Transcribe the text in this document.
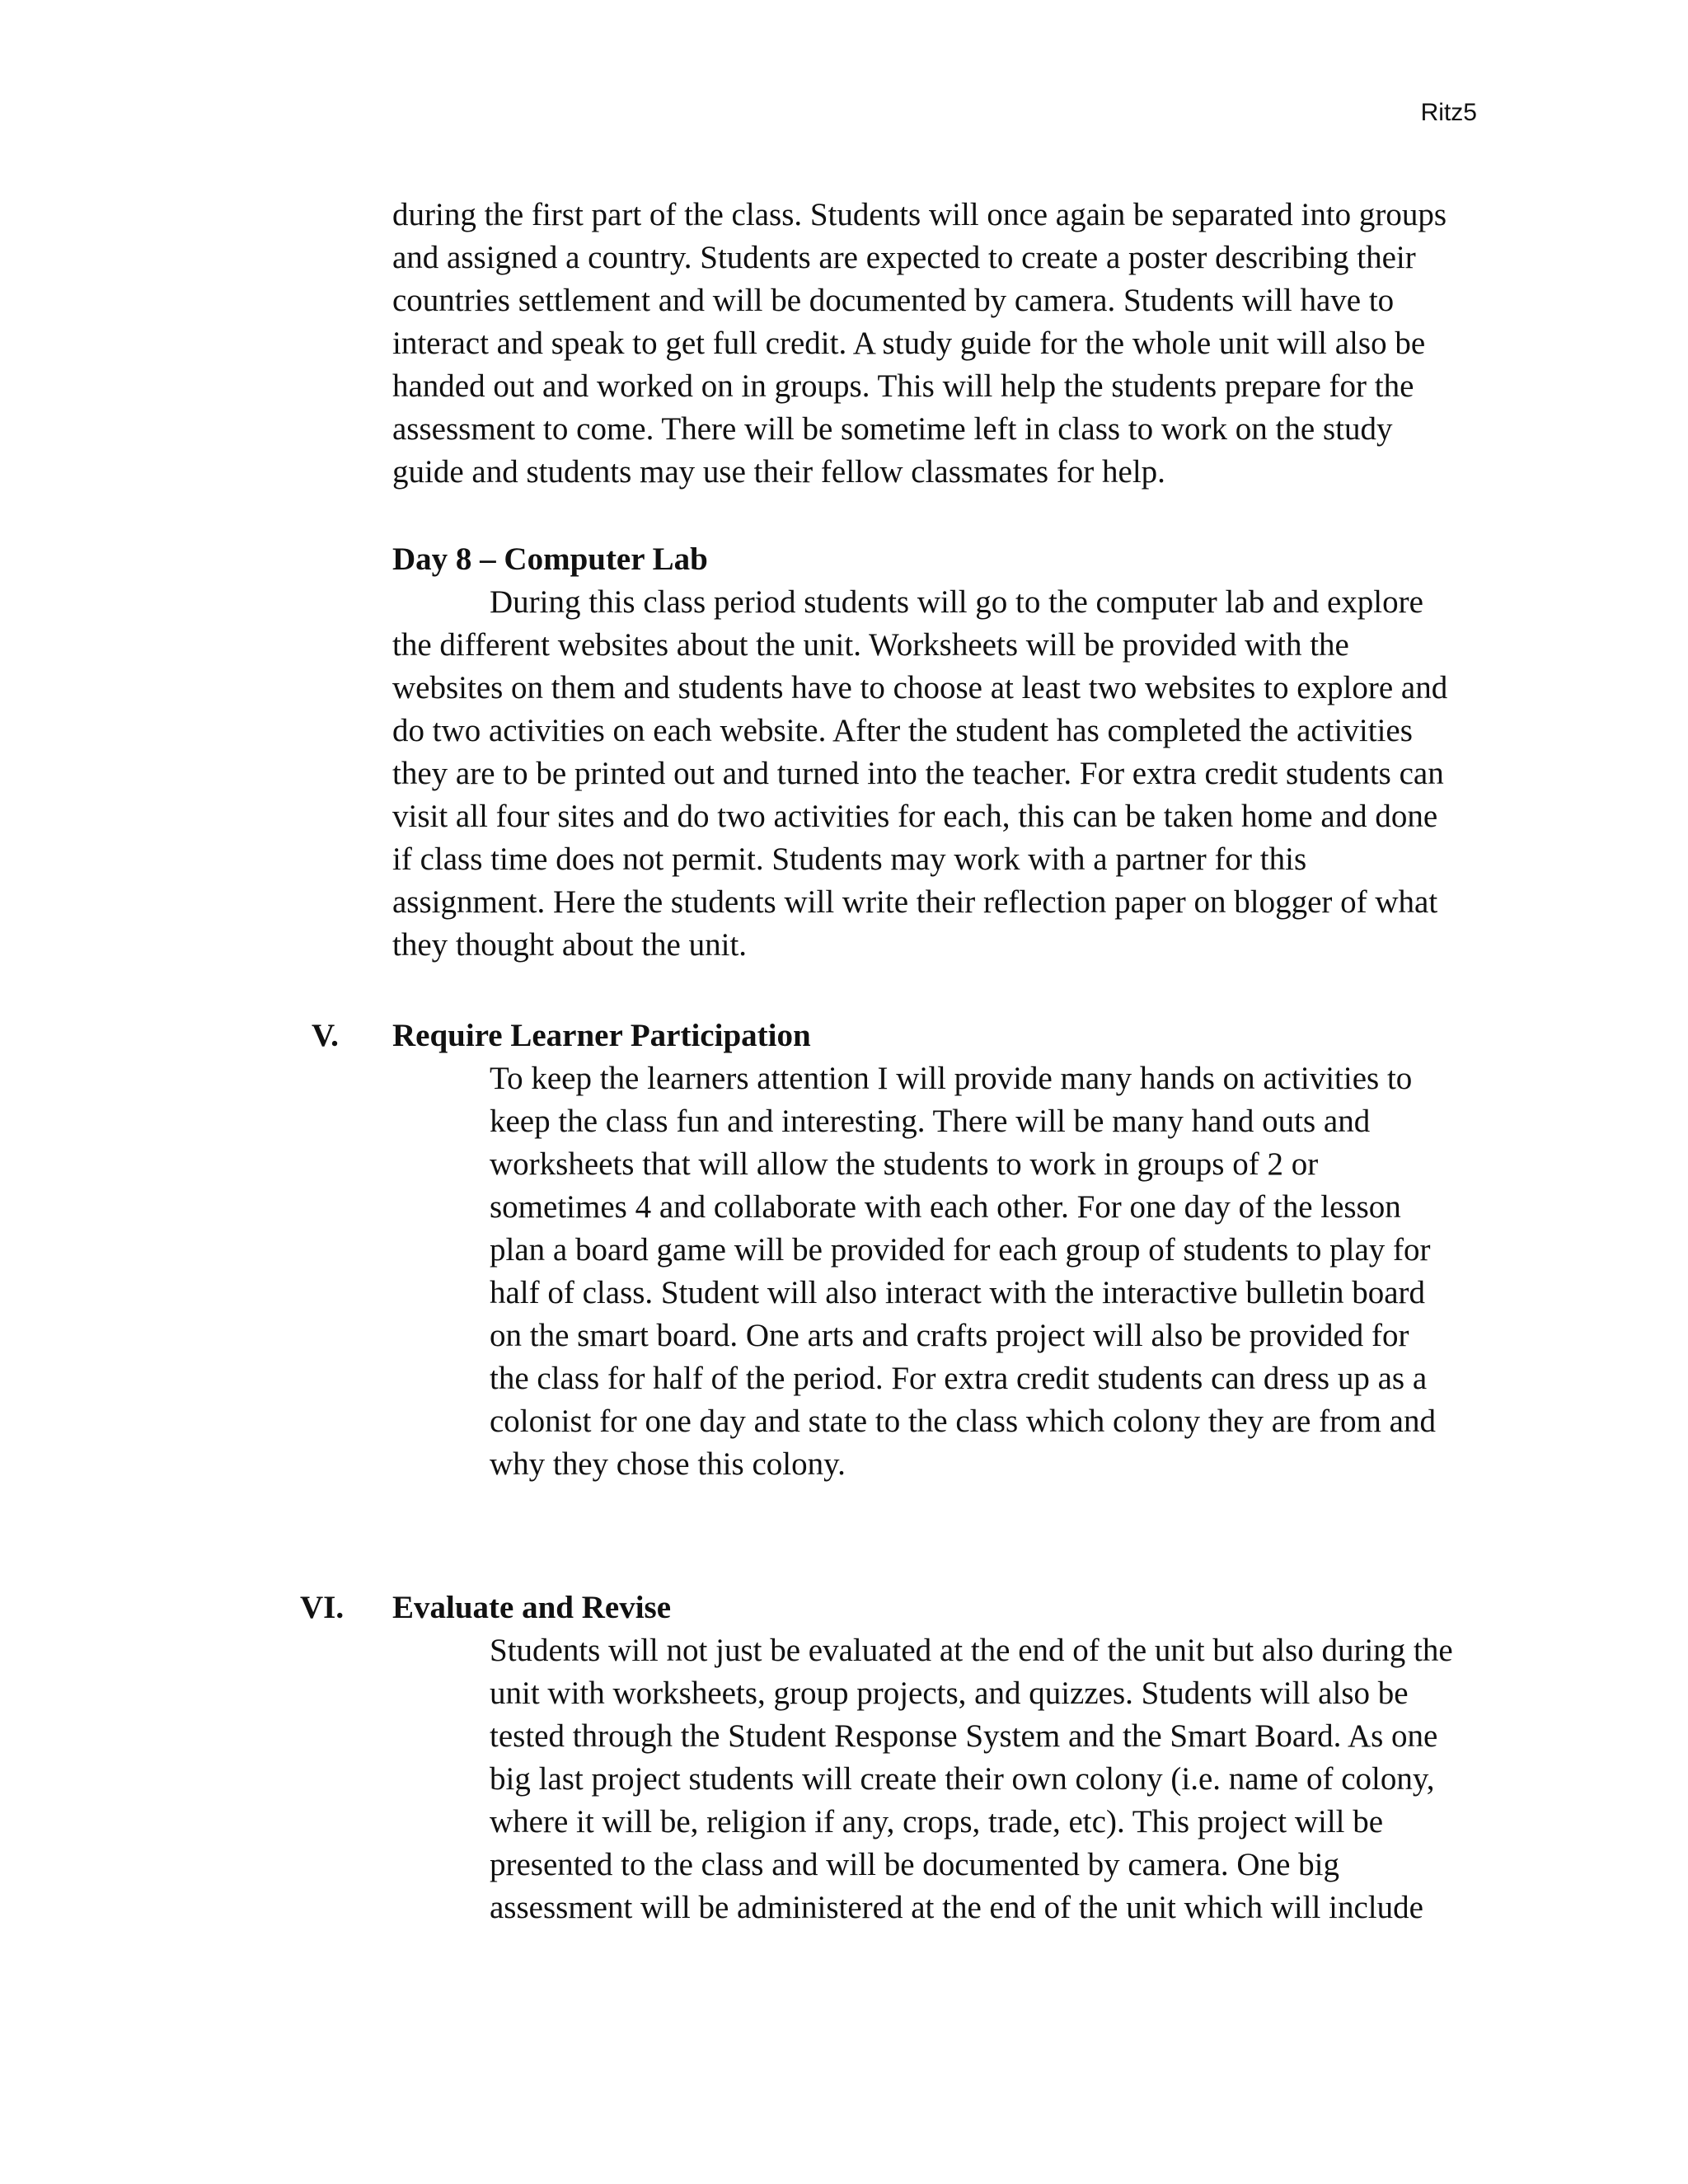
Ritz5
during the first part of the class. Students will once again be separated into groups
and assigned a country. Students are expected to create a poster describing their
countries settlement and will be documented by camera. Students will have to
interact and speak to get full credit. A study guide for the whole unit will also be
handed out and worked on in groups. This will help the students prepare for the
assessment to come. There will be sometime left in class to work on the study
guide and students may use their fellow classmates for help.
Day 8 – Computer Lab
During this class period students will go to the computer lab and explore
the different websites about the unit. Worksheets will be provided with the
websites on them and students have to choose at least two websites to explore and
do two activities on each website. After the student has completed the activities
they are to be printed out and turned into the teacher. For extra credit students can
visit all four sites and do two activities for each, this can be taken home and done
if class time does not permit. Students may work with a partner for this
assignment. Here the students will write their reflection paper on blogger of what
they thought about the unit.
V. Require Learner Participation
To keep the learners attention I will provide many hands on activities to
keep the class fun and interesting. There will be many hand outs and
worksheets that will allow the students to work in groups of 2 or
sometimes 4 and collaborate with each other. For one day of the lesson
plan a board game will be provided for each group of students to play for
half of class. Student will also interact with the interactive bulletin board
on the smart board. One arts and crafts project will also be provided for
the class for half of the period. For extra credit students can dress up as a
colonist for one day and state to the class which colony they are from and
why they chose this colony.
VI. Evaluate and Revise
Students will not just be evaluated at the end of the unit but also during the
unit with worksheets, group projects, and quizzes. Students will also be
tested through the Student Response System and the Smart Board. As one
big last project students will create their own colony (i.e. name of colony,
where it will be, religion if any, crops, trade, etc). This project will be
presented to the class and will be documented by camera. One big
assessment will be administered at the end of the unit which will include
